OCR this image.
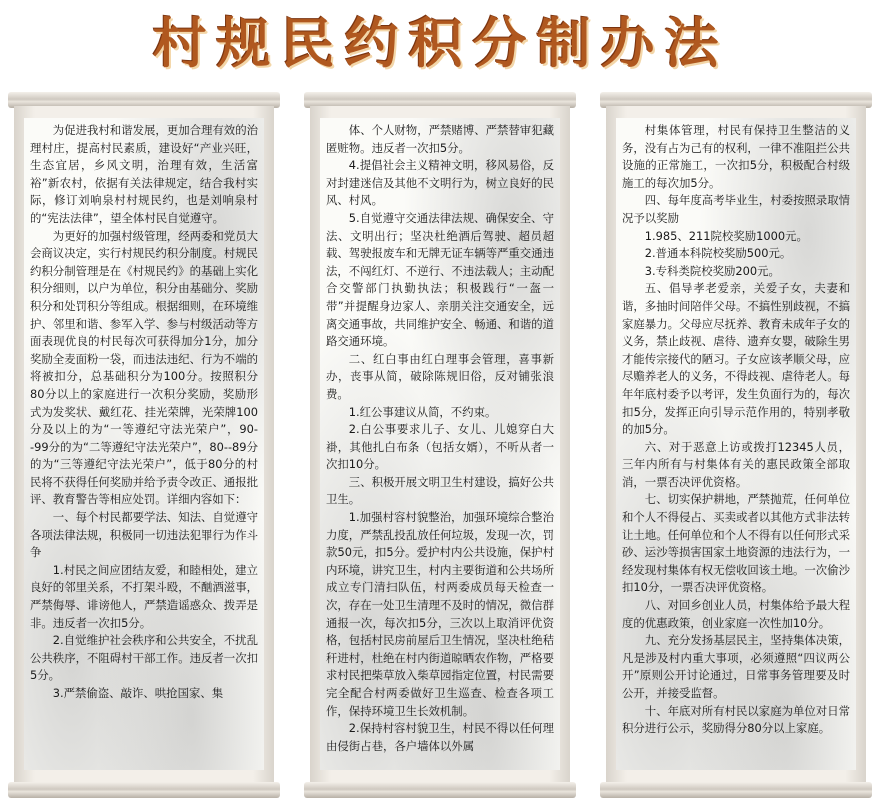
村规民约积分制办法

为促进我村和谐发展，更加合理有效的治理村庄，提高村民素质，建设好“产业兴旺，生态宜居，乡风文明，治理有效，生活富裕”新农村，依据有关法律规定，结合我村实际，修订刘响泉村村规民约，也是刘响泉村的“宪法法律”，望全体村民自觉遵守。

为更好的加强村级管理，经两委和党员大会商议决定，实行村规民约积分制度。村规民约积分制管理是在《村规民约》的基础上实化积分细则，以户为单位，积分由基础分、奖励积分和处罚积分等组成。根据细则，在环境维护、邻里和谐、参军入学、参与村级活动等方面表现优良的村民每次可获得加分1分，加分奖励全麦面粉一袋，而违法违纪、行为不端的将被扣分，总基础积分为100分。按照积分80分以上的家庭进行一次积分奖励，奖励形式为发奖状、戴红花、挂光荣牌，光荣牌100分及以上的为“一等遵纪守法光荣户”，90--99分的为“二等遵纪守法光荣户”，80--89分的为“三等遵纪守法光荣户”，低于80分的村民将不获得任何奖励并给予责令改正、通报批评、教育警告等相应处罚。详细内容如下：

一、每个村民都要学法、知法、自觉遵守各项法律法规，积极同一切违法犯罪行为作斗争

1.村民之间应团结友爱，和睦相处，建立良好的邻里关系，不打架斗殴，不酗酒滋事，严禁侮辱、诽谤他人，严禁造谣惑众、拨弄是非。违反者一次扣5分。

2.自觉维护社会秩序和公共安全，不扰乱公共秩序，不阻碍村干部工作。违反者一次扣5分。

3.严禁偷盗、敲诈、哄抢国家、集

体、个人财物，严禁赌博、严禁替审犯藏匿赃物。违反者一次扣5分。

4.提倡社会主义精神文明，移风易俗，反对封建迷信及其他不文明行为，树立良好的民风、村风。

5.自觉遵守交通法律法规、确保安全、守法、文明出行；坚决杜绝酒后驾驶、超员超载、驾驶报废车和无牌无证车辆等严重交通违法，不闯红灯、不逆行、不违法载人；主动配合交警部门执勤执法；积极践行“一盔一带”并提醒身边家人、亲朋关注交通安全，远离交通事故，共同维护安全、畅通、和谐的道路交通环境。

二、红白事由红白理事会管理，喜事新办，丧事从简，破除陈规旧俗，反对铺张浪费。

1.红公事建议从简，不约束。

2.白公事要求儿子、女儿、儿媳穿白大褂，其他扎白布条（包括女婿），不听从者一次扣10分。

三、积极开展文明卫生村建设，搞好公共卫生。

1.加强村容村貌整治，加强环境综合整治力度，严禁乱投乱放任何垃圾，发现一次，罚款50元，扣5分。爱护村内公共设施，保护村内环境，讲究卫生，村内主要街道和公共场所成立专门清扫队伍，村两委成员每天检查一次，存在一处卫生清理不及时的情况，微信群通报一次，每次扣5分，三次以上取消评优资格，包括村民房前屋后卫生情况，坚决杜绝秸秆进村，杜绝在村内街道晾晒农作物，严格要求村民把柴草放入柴草园指定位置，村民需要完全配合村两委做好卫生巡查、检查各项工作，保持环境卫生长效机制。

2.保持村容村貌卫生，村民不得以任何理由侵街占巷，各户墙体以外属

村集体管理，村民有保持卫生整洁的义务，没有占为己有的权利，一律不准阻拦公共设施的正常施工，一次扣5分，积极配合村级施工的每次加5分。

四、每年度高考毕业生，村委按照录取情况予以奖励

1.985、211院校奖励1000元。

2.普通本科院校奖励500元。

3.专科类院校奖励200元。

五、倡导孝老爱亲，关爱子女，夫妻和谐，多抽时间陪伴父母。不搞性别歧视，不搞家庭暴力。父母应尽抚养、教育未成年子女的义务，禁止歧视、虐待、遗弃女婴，破除生男才能传宗接代的陋习。子女应该孝顺父母，应尽赡养老人的义务，不得歧视、虐待老人。每年年底村委予以考评，发生负面行为的，每次扣5分，发挥正向引导示范作用的，特别孝敬的加5分。

六、对于恶意上访或拨打12345人员，三年内所有与村集体有关的惠民政策全部取消，一票否决评优资格。

七、切实保护耕地，严禁抛荒，任何单位和个人不得侵占、买卖或者以其他方式非法转让土地。任何单位和个人不得有以任何形式采砂、运沙等损害国家土地资源的违法行为，一经发现村集体有权无偿收回该土地。一次偷沙扣10分，一票否决评优资格。

八、对回乡创业人员，村集体给予最大程度的优惠政策，创业家庭一次性加10分。

九、充分发扬基层民主，坚持集体决策，凡是涉及村内重大事项，必须遵照“四议两公开”原则公开讨论通过，日常事务管理要及时公开，并接受监督。

十、年底对所有村民以家庭为单位对日常积分进行公示，奖励得分80分以上家庭。
